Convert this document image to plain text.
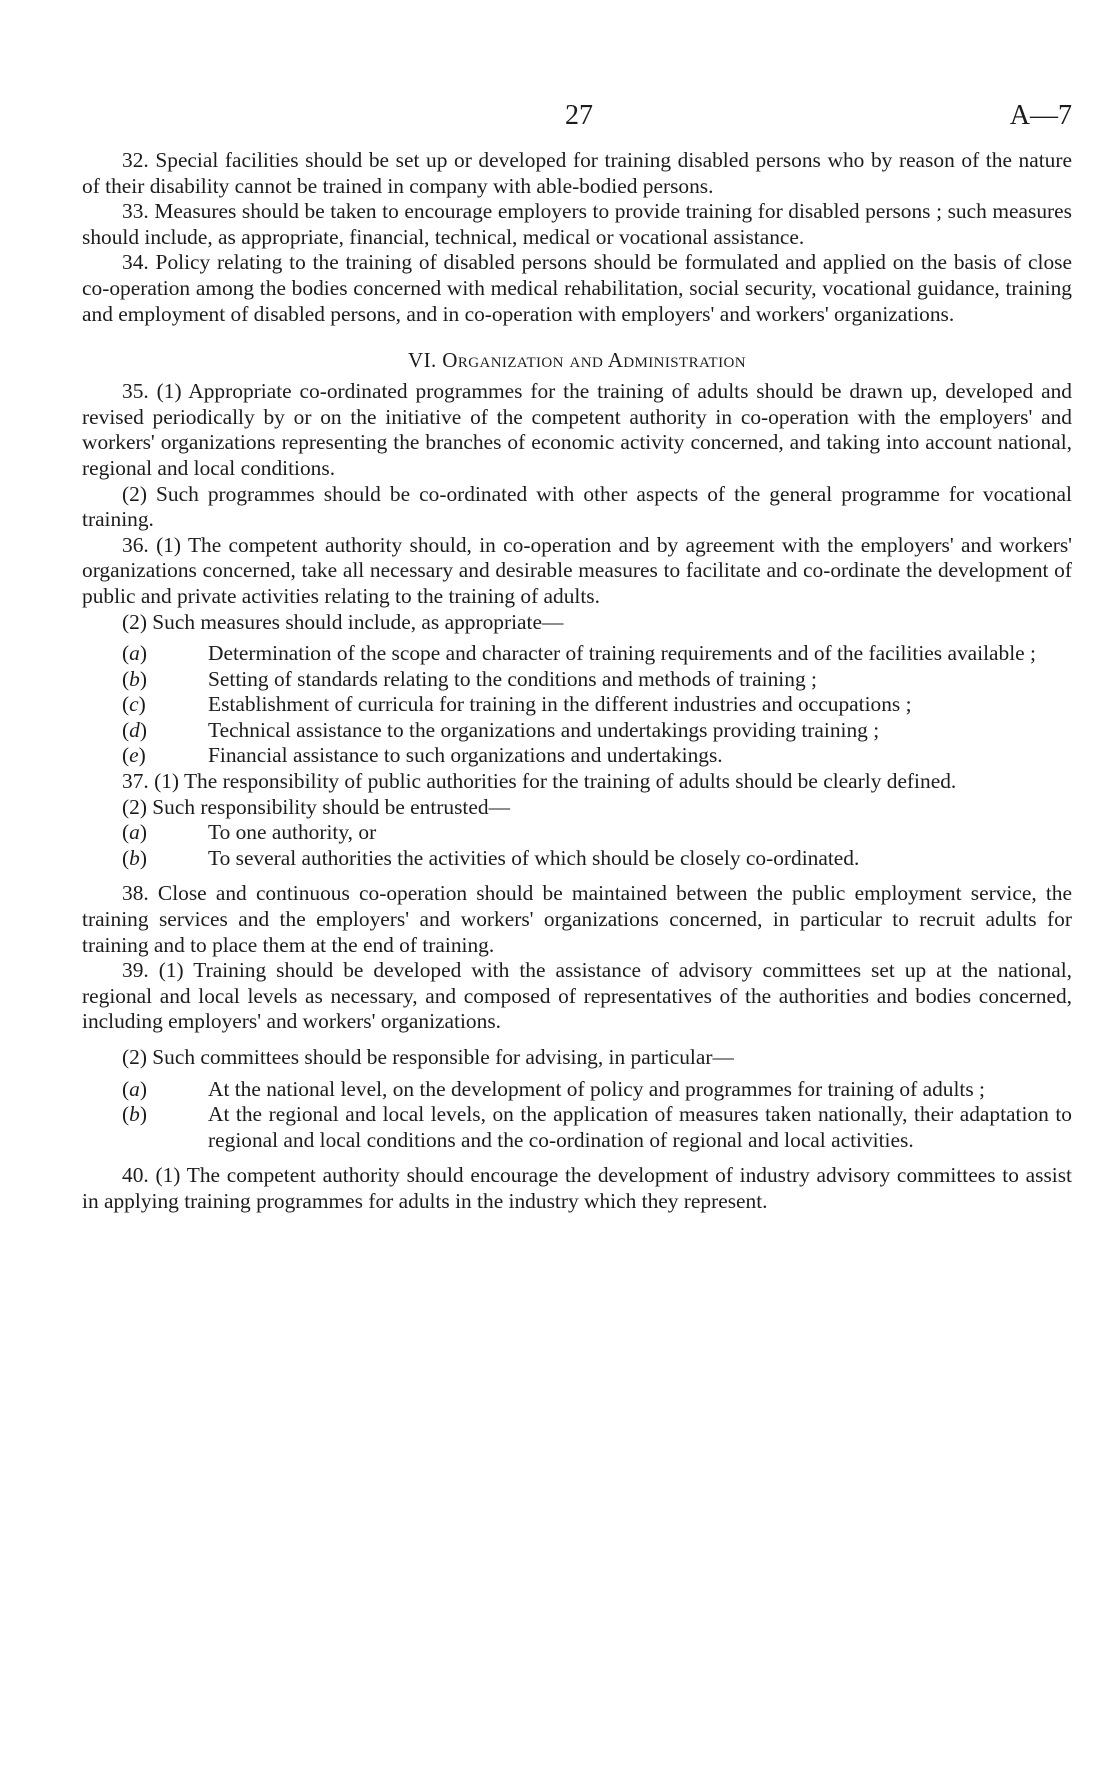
27	A—7

32. Special facilities should be set up or developed for training disabled persons who by reason of the nature of their disability cannot be trained in company with able-bodied persons.

33. Measures should be taken to encourage employers to provide training for disabled persons ; such measures should include, as appropriate, financial, technical, medical or vocational assistance.

34. Policy relating to the training of disabled persons should be formulated and applied on the basis of close co-operation among the bodies concerned with medical rehabilitation, social security, vocational guidance, training and employment of disabled persons, and in co-operation with employers' and workers' organizations.

VI. Organization and Administration

35. (1) Appropriate co-ordinated programmes for the training of adults should be drawn up, developed and revised periodically by or on the initiative of the competent authority in co-operation with the employers' and workers' organizations representing the branches of economic activity concerned, and taking into account national, regional and local conditions.

(2) Such programmes should be co-ordinated with other aspects of the general programme for vocational training.

36. (1) The competent authority should, in co-operation and by agreement with the employers' and workers' organizations concerned, take all necessary and desirable measures to facilitate and co-ordinate the development of public and private activities relating to the training of adults.

(2) Such measures should include, as appropriate—

(a)	Determination of the scope and character of training requirements and of the facilities available ;

(b)	Setting of standards relating to the conditions and methods of training ;

(c)	Establishment of curricula for training in the different industries and occupations ;

(d)	Technical assistance to the organizations and undertakings providing training ;

(e)	Financial assistance to such organizations and undertakings.

37. (1) The responsibility of public authorities for the training of adults should be clearly defined.

(2) Such responsibility should be entrusted—

(a)	To one authority, or

(b)	To several authorities the activities of which should be closely co-ordinated.

38. Close and continuous co-operation should be maintained between the public employment service, the training services and the employers' and workers' organizations concerned, in particular to recruit adults for training and to place them at the end of training.

39. (1) Training should be developed with the assistance of advisory committees set up at the national, regional and local levels as necessary, and composed of representatives of the authorities and bodies concerned, including employers' and workers' organizations.

(2) Such committees should be responsible for advising, in particular—

(a)	At the national level, on the development of policy and programmes for training of adults ;

(b)	At the regional and local levels, on the application of measures taken nationally, their adaptation to regional and local conditions and the co-ordination of regional and local activities.

40. (1) The competent authority should encourage the development of industry advisory committees to assist in applying training programmes for adults in the industry which they represent.
